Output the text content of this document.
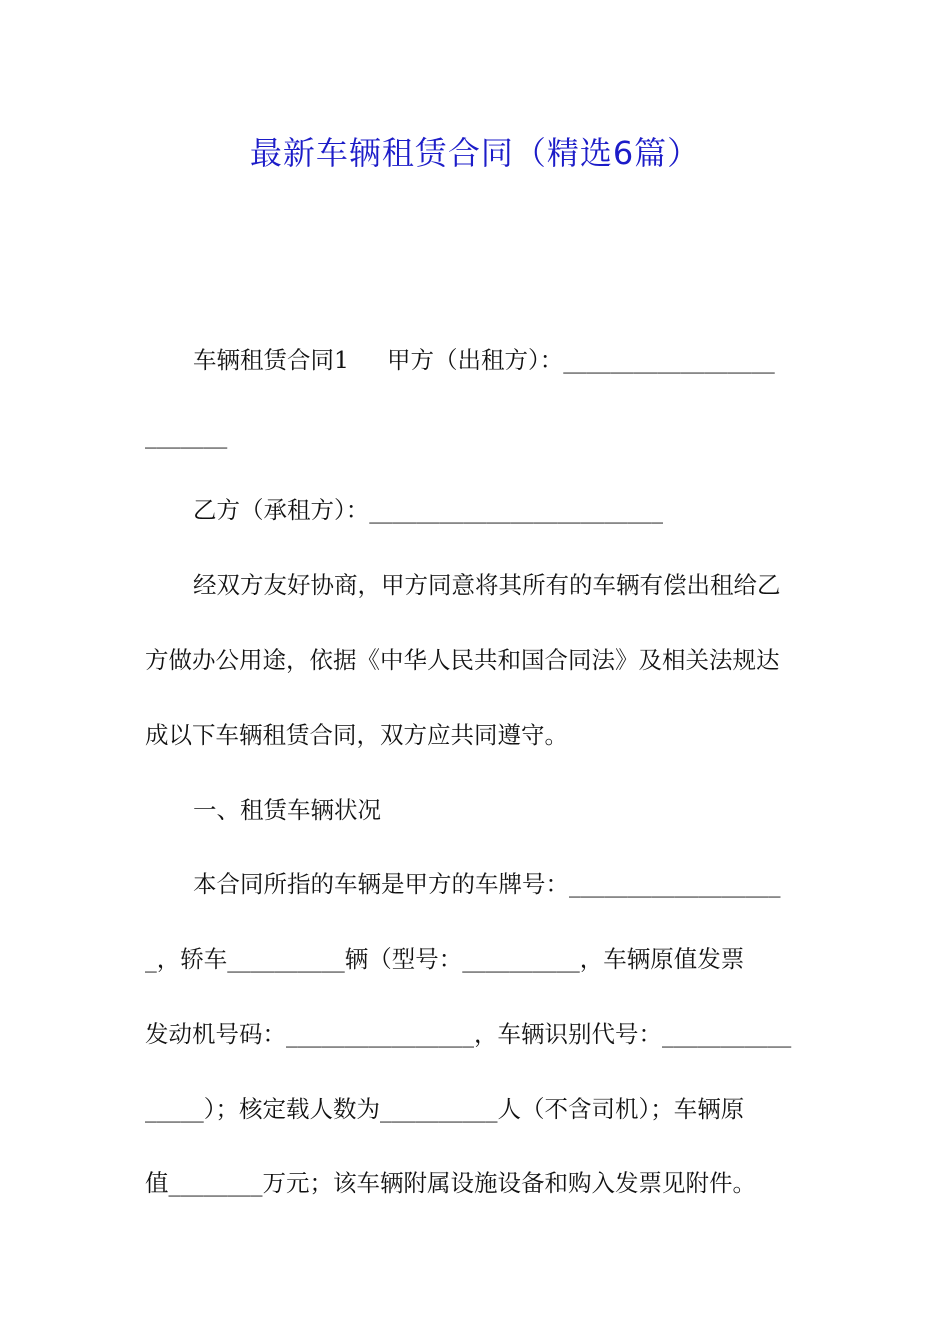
最新车辆租赁合同（精选6篇）
车辆租赁合同1 甲方（出租方）：__________________
_______
乙方（承租方）：_________________________
经双方友好协商，甲方同意将其所有的车辆有偿出租给乙
方做办公用途，依据《中华人民共和国合同法》及相关法规达
成以下车辆租赁合同，双方应共同遵守。
一、租赁车辆状况
本合同所指的车辆是甲方的车牌号：__________________
_，轿车__________辆（型号：__________，车辆原值发票
发动机号码：________________，车辆识别代号：___________
_____）；核定载人数为__________人（不含司机）；车辆原
值________万元；该车辆附属设施设备和购入发票见附件。
